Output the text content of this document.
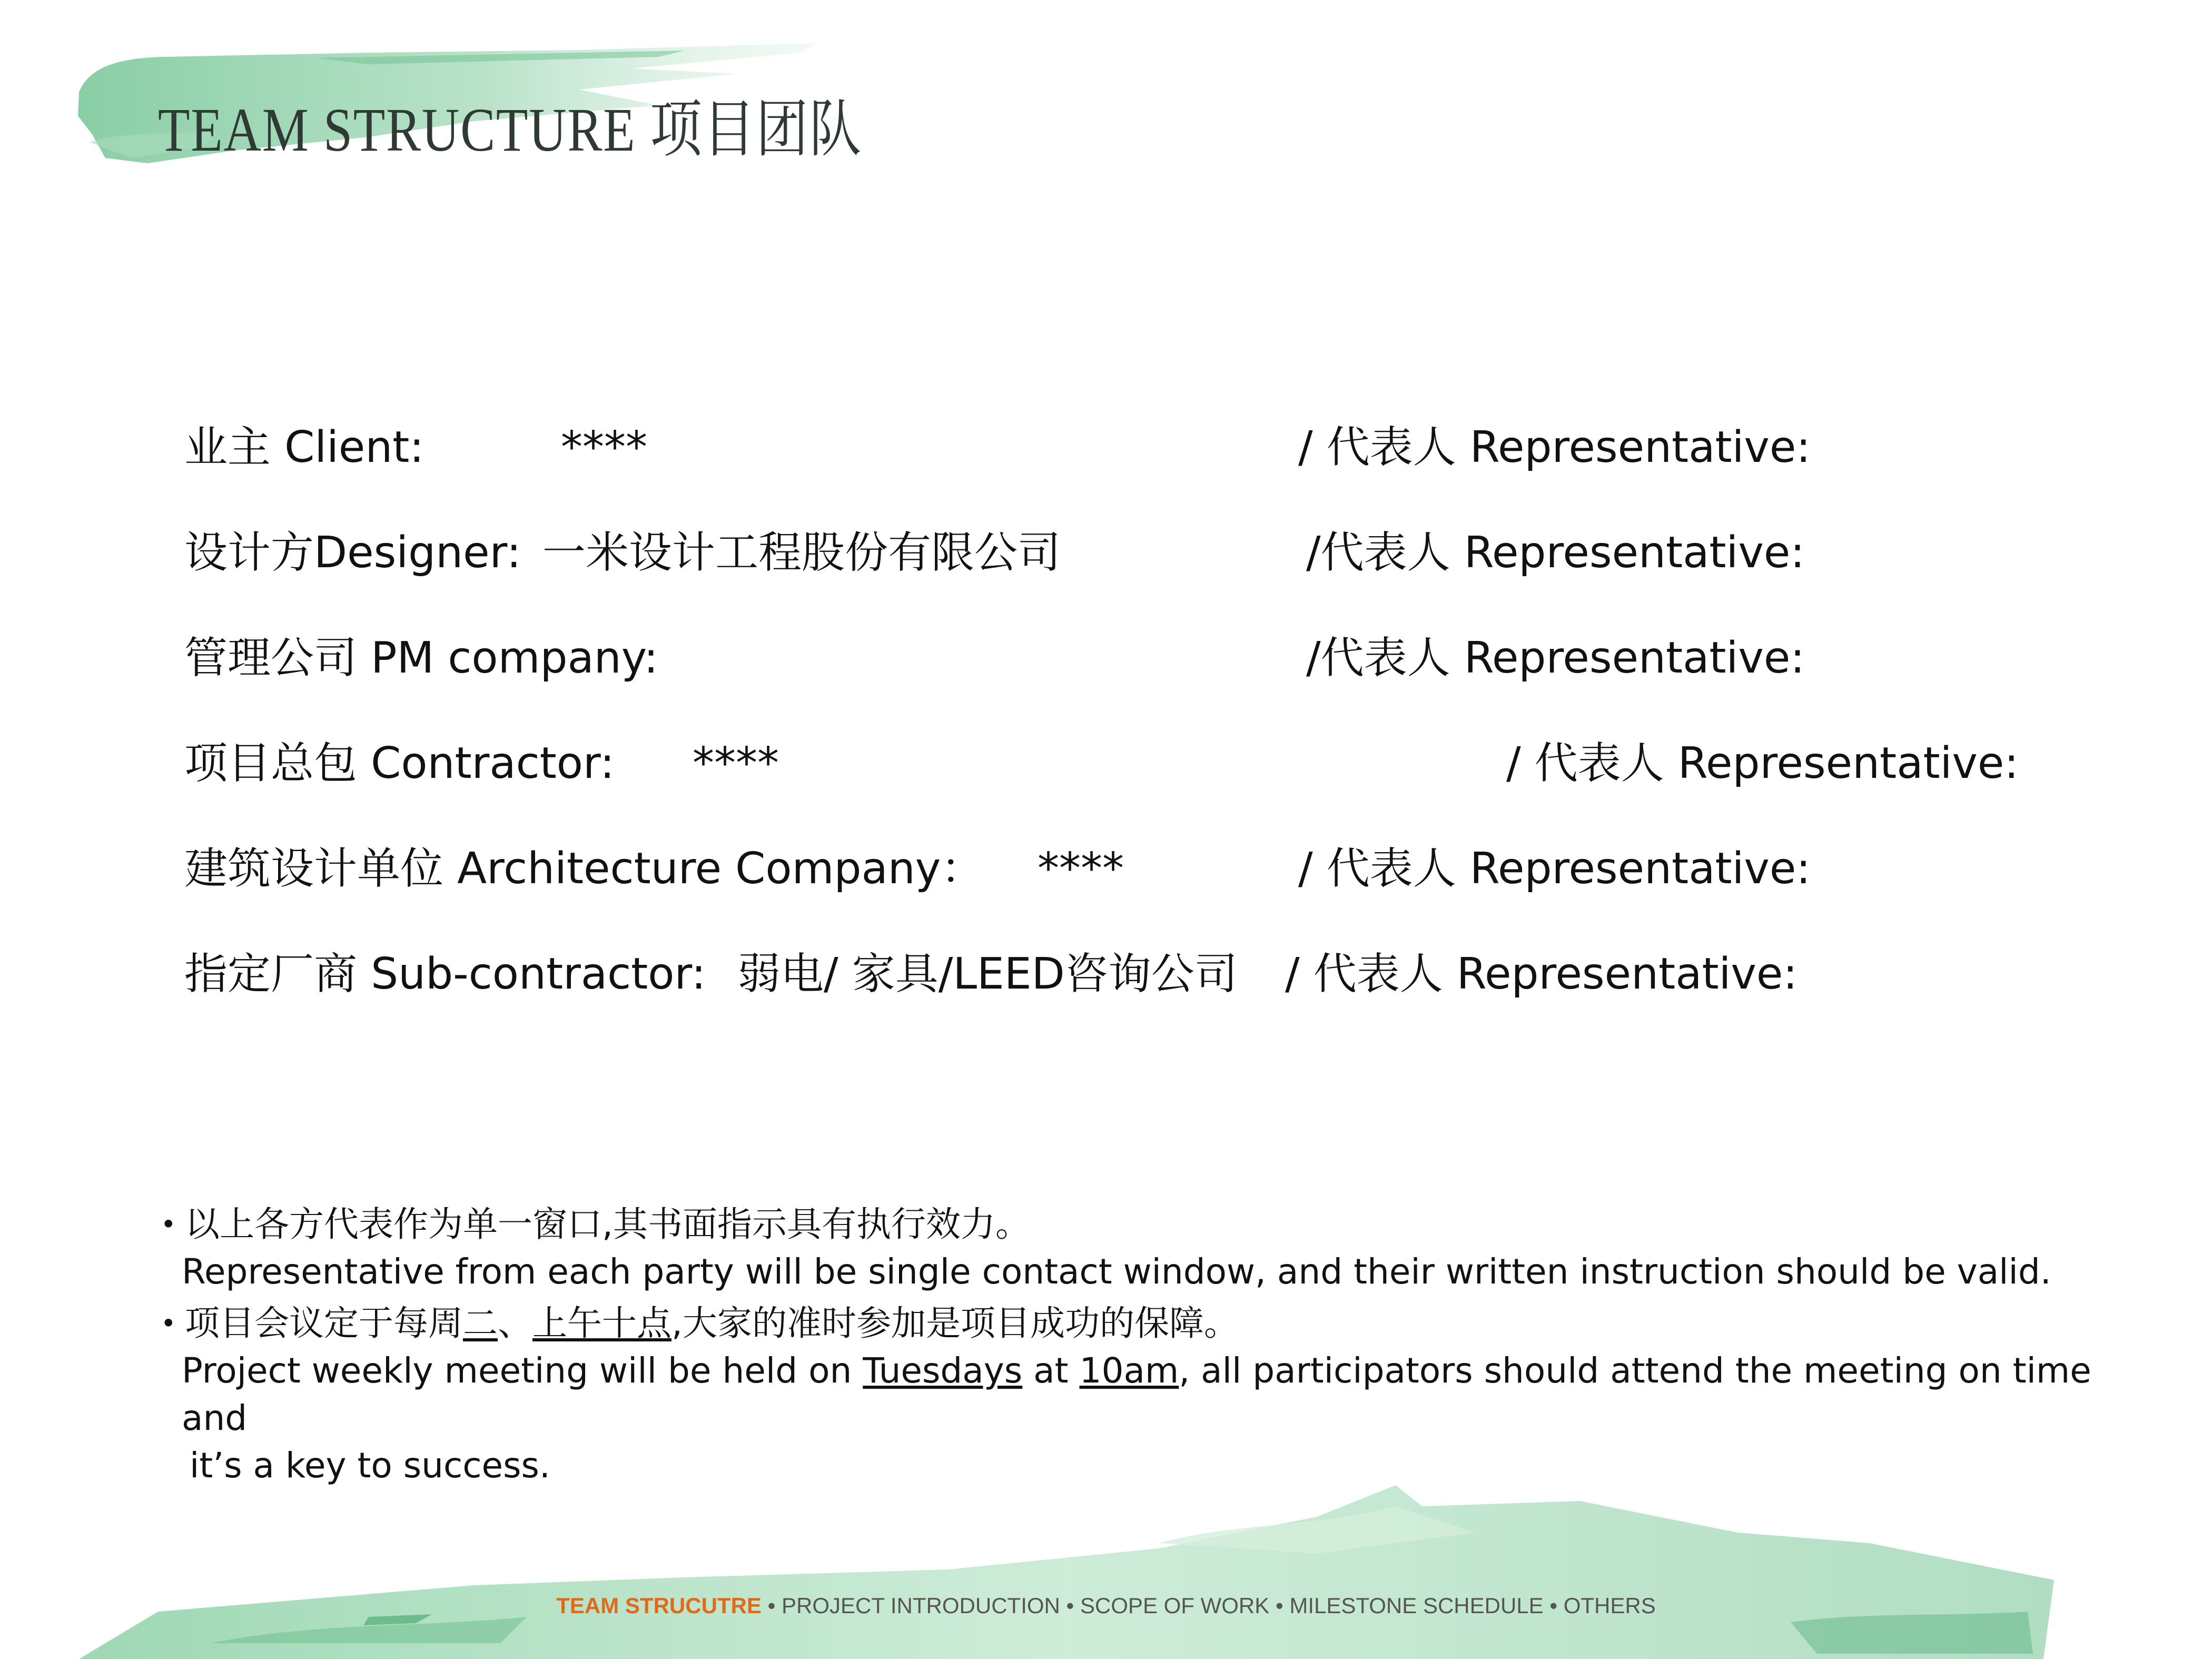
TEAM STRUCTURE 项目团队
业主 Client:	****	/ 代表人 Representative:
设计方Designer: 一米设计工程股份有限公司	/代表人 Representative:
管理公司 PM company:	/代表人 Representative:
项目总包 Contractor: ****	/ 代表人 Representative:
建筑设计单位 Architecture Company： ****	/ 代表人 Representative:
指定厂商 Sub-contractor: 弱电/ 家具/LEED咨询公司 / 代表人 Representative:
• 以上各方代表作为单一窗口,其书面指示具有执行效力。
Representative from each party will be single contact window, and their written instruction should be valid.
• 项目会议定于每周二、上午十点,大家的准时参加是项目成功的保障。
Project weekly meeting will be held on Tuesdays at 10am, all participators should attend the meeting on time and
it’s a key to success.
TEAM STRUCUTRE • PROJECT INTRODUCTION • SCOPE OF WORK • MILESTONE SCHEDULE • OTHERS
